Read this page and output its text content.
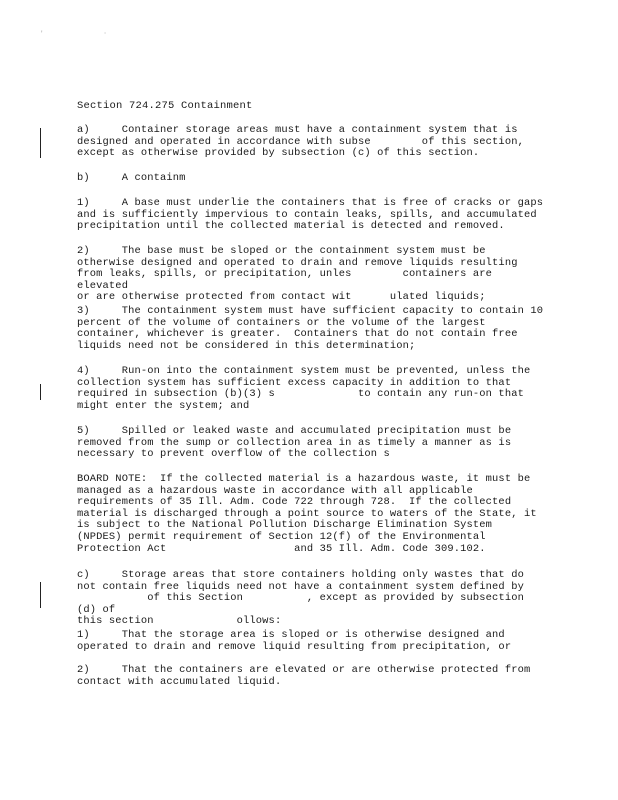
' ·
Section 724.275 Containment
a)     Container storage areas must have a containment system that is
designed and operated in accordance with subse        of this section,
except as otherwise provided by subsection (c) of this section.
b)     A containm
1)     A base must underlie the containers that is free of cracks or gaps
and is sufficiently impervious to contain leaks, spills, and accumulated
precipitation until the collected material is detected and removed.
2)     The base must be sloped or the containment system must be
otherwise designed and operated to drain and remove liquids resulting
from leaks, spills, or precipitation, unles        containers are elevated
or are otherwise protected from contact wit      ulated liquids;
3)     The containment system must have sufficient capacity to contain 10
percent of the volume of containers or the volume of the largest
container, whichever is greater.  Containers that do not contain free
liquids need not be considered in this determination;
4)     Run-on into the containment system must be prevented, unless the
collection system has sufficient excess capacity in addition to that
required in subsection (b)(3) s             to contain any run-on that
might enter the system; and
5)     Spilled or leaked waste and accumulated precipitation must be
removed from the sump or collection area in as timely a manner as is
necessary to prevent overflow of the collection s
BOARD NOTE:  If the collected material is a hazardous waste, it must be
managed as a hazardous waste in accordance with all applicable
requirements of 35 Ill. Adm. Code 722 through 728.  If the collected
material is discharged through a point source to waters of the State, it
is subject to the National Pollution Discharge Elimination System
(NPDES) permit requirement of Section 12(f) of the Environmental
Protection Act                    and 35 Ill. Adm. Code 309.102.
c)     Storage areas that store containers holding only wastes that do
not contain free liquids need not have a containment system defined by
of this Section          , except as provided by subsection (d) of
this section             ollows:
1)     That the storage area is sloped or is otherwise designed and
operated to drain and remove liquid resulting from precipitation, or
2)     That the containers are elevated or are otherwise protected from
contact with accumulated liquid.
